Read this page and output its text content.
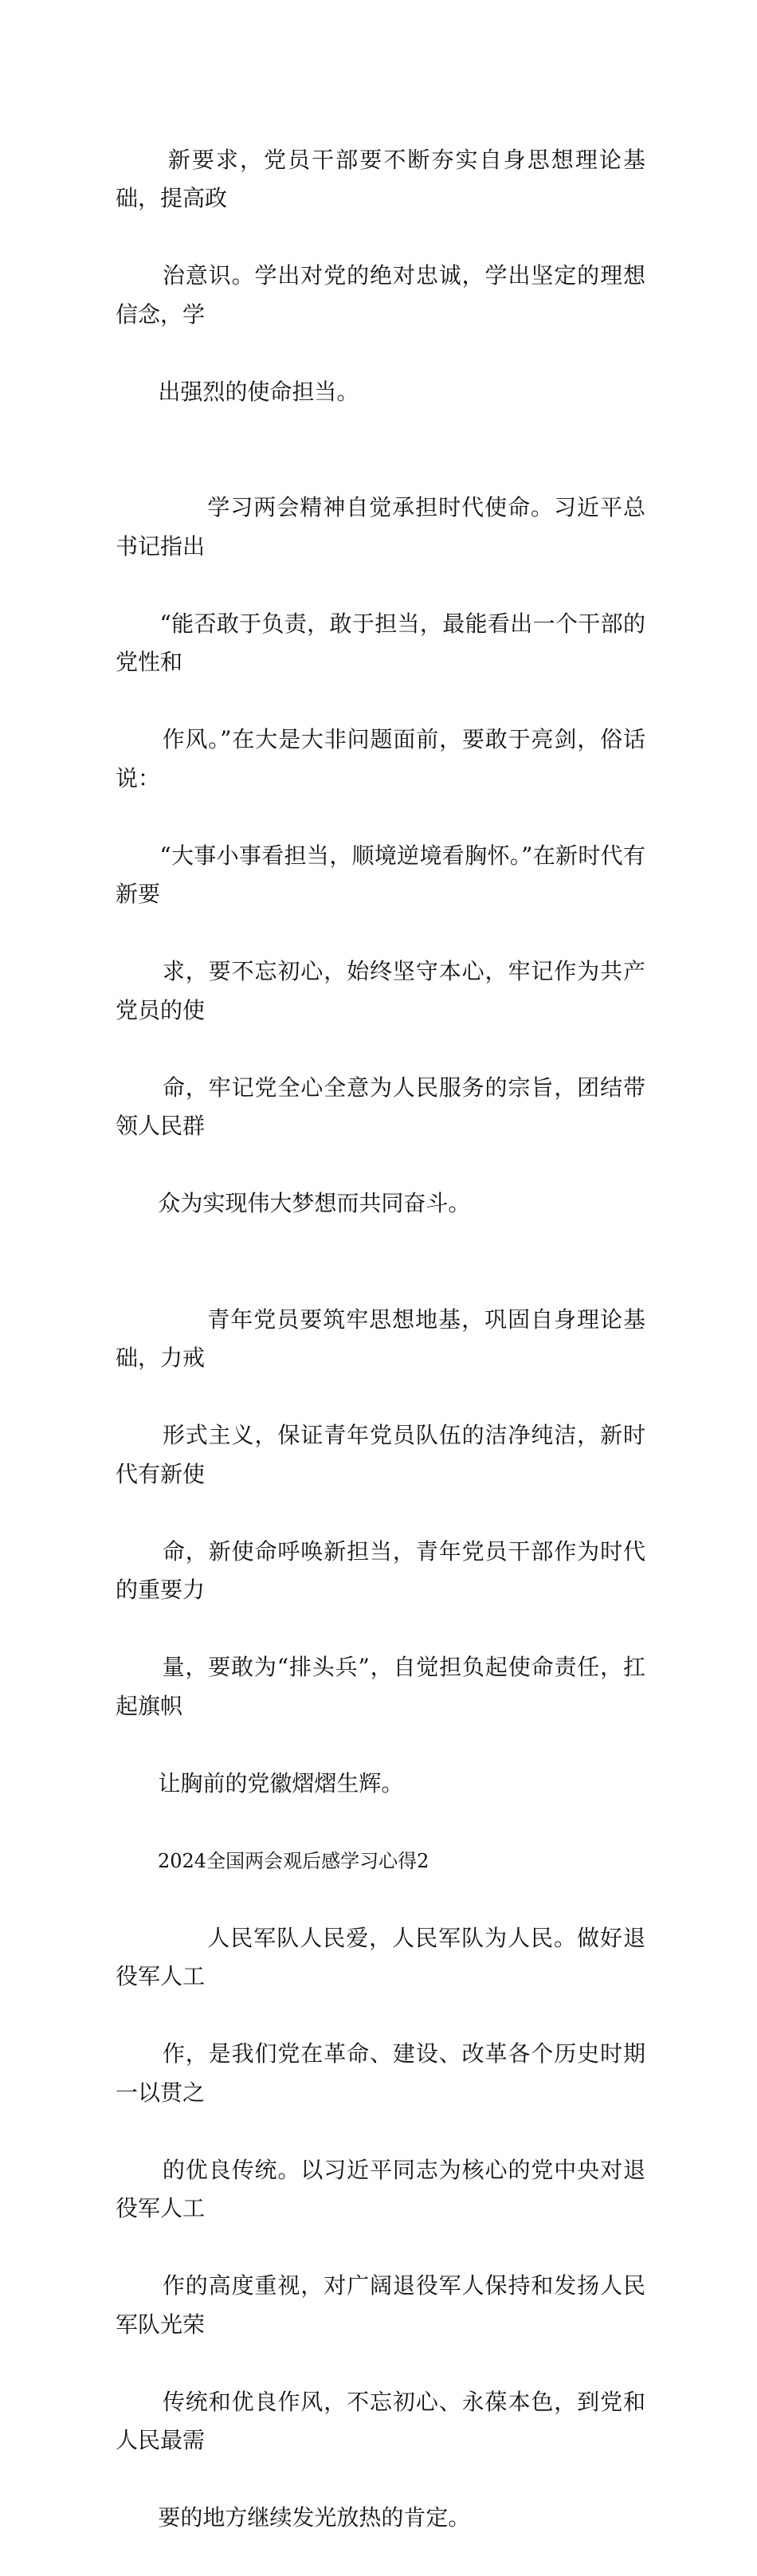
新要求，党员干部要不断夯实自身思想理论基础，提高政

治意识。学出对党的绝对忠诚，学出坚定的理想信念，学

出强烈的使命担当。

学习两会精神自觉承担时代使命。习近平总书记指出

“能否敢于负责，敢于担当，最能看出一个干部的党性和

作风。”在大是大非问题面前，要敢于亮剑，俗话说：

“大事小事看担当，顺境逆境看胸怀。”在新时代有新要

求，要不忘初心，始终坚守本心，牢记作为共产党员的使

命，牢记党全心全意为人民服务的宗旨，团结带领人民群

众为实现伟大梦想而共同奋斗。

青年党员要筑牢思想地基，巩固自身理论基础，力戒

形式主义，保证青年党员队伍的洁净纯洁，新时代有新使

命，新使命呼唤新担当，青年党员干部作为时代的重要力

量，要敢为“排头兵”，自觉担负起使命责任，扛起旗帜

让胸前的党徽熠熠生辉。

2024全国两会观后感学习心得2

人民军队人民爱，人民军队为人民。做好退役军人工

作，是我们党在革命、建设、改革各个历史时期一以贯之

的优良传统。以习近平同志为核心的党中央对退役军人工

作的高度重视，对广阔退役军人保持和发扬人民军队光荣

传统和优良作风，不忘初心、永葆本色，到党和人民最需

要的地方继续发光放热的肯定。
